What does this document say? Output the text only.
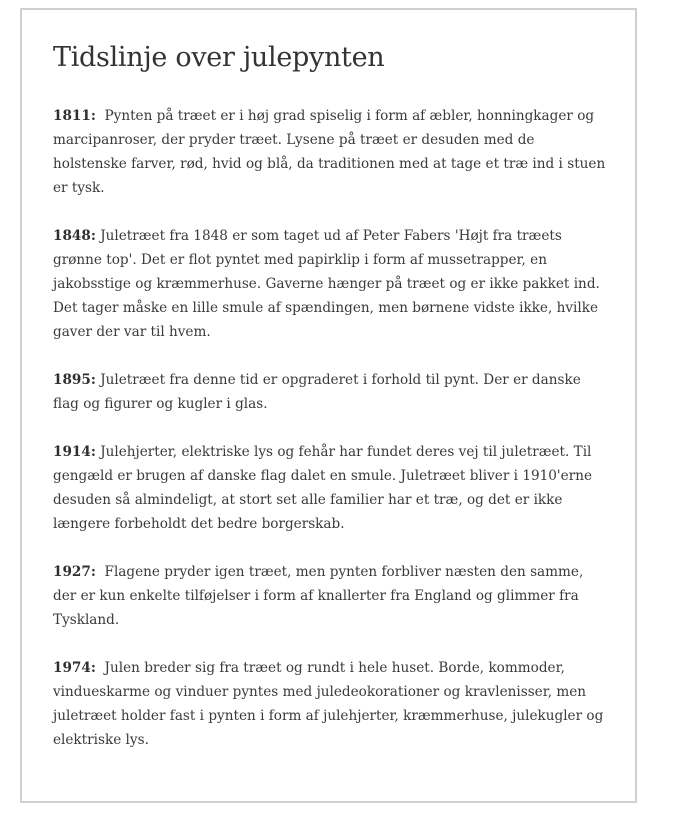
Tidslinje over julepynten

1811: Pynten på træet er i høj grad spiselig i form af æbler, honningkager og marcipanroser, der pryder træet. Lysene på træet er desuden med de holstenske farver, rød, hvid og blå, da traditionen med at tage et træ ind i stuen er tysk.

1848: Juletræet fra 1848 er som taget ud af Peter Fabers 'Højt fra træets grønne top'. Det er flot pyntet med papirklip i form af mussetrapper, en jakobsstige og kræmmerhuse. Gaverne hænger på træet og er ikke pakket ind. Det tager måske en lille smule af spændingen, men børnene vidste ikke, hvilke gaver der var til hvem.

1895: Juletræet fra denne tid er opgraderet i forhold til pynt. Der er danske flag og figurer og kugler i glas.

1914: Julehjerter, elektriske lys og fehår har fundet deres vej til juletræet. Til gengæld er brugen af danske flag dalet en smule. Juletræet bliver i 1910'erne desuden så almindeligt, at stort set alle familier har et træ, og det er ikke længere forbeholdt det bedre borgerskab.

1927: Flagene pryder igen træet, men pynten forbliver næsten den samme, der er kun enkelte tilføjelser i form af knallerter fra England og glimmer fra Tyskland.

1974: Julen breder sig fra træet og rundt i hele huset. Borde, kommoder, vindueskarme og vinduer pyntes med juledeokorationer og kravlenisser, men juletræet holder fast i pynten i form af julehjerter, kræmmerhuse, julekugler og elektriske lys.
